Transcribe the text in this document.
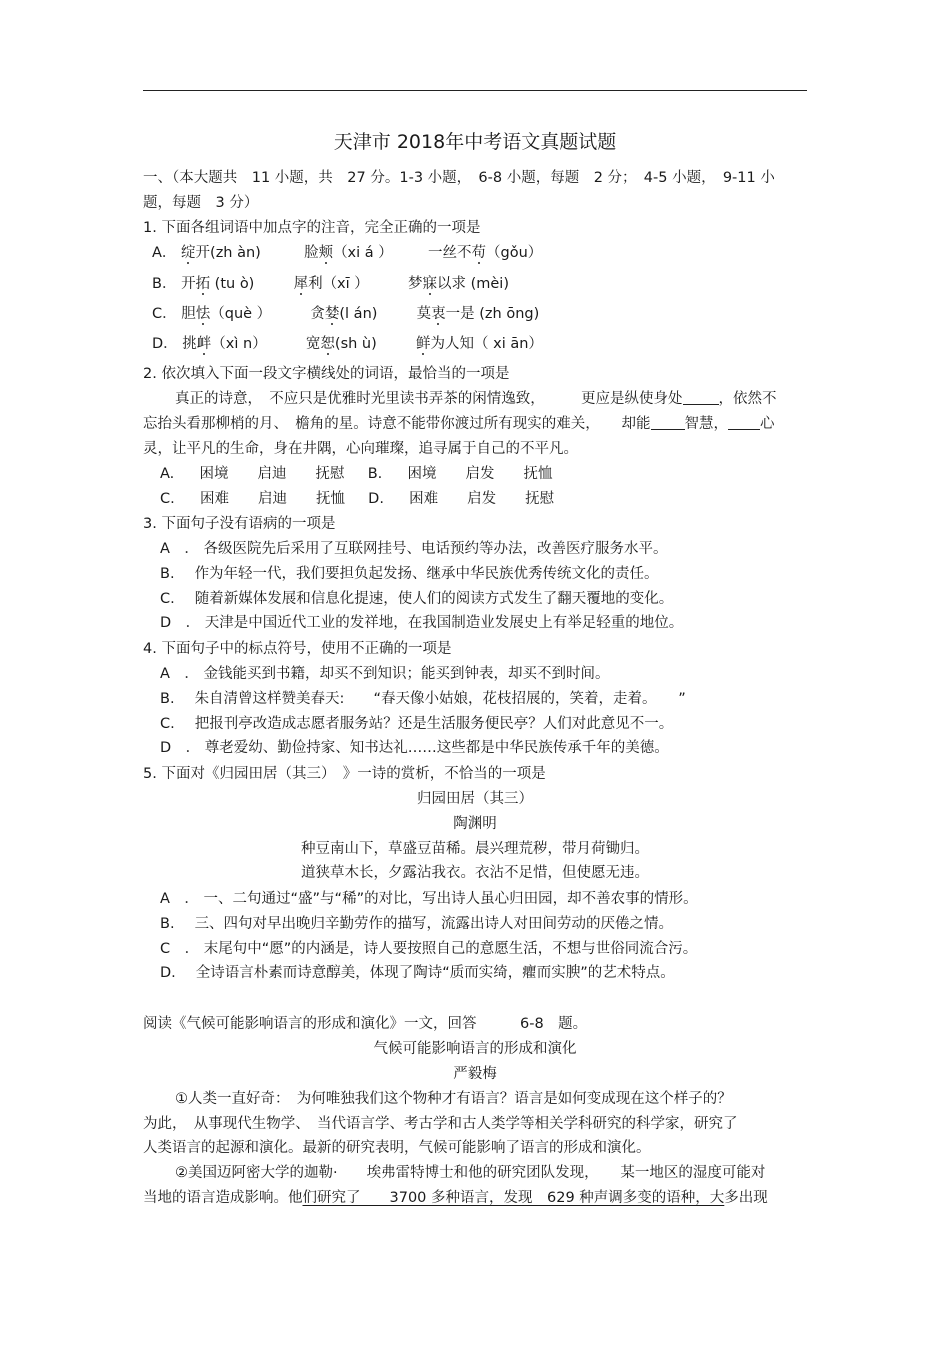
天津市 2018年中考语文真题试题
一、（本大题共　11 小题，共　27 分。1-3 小题，　6-8 小题，每题　2 分；　4-5 小题，　9-11 小
题，每题　3 分）
1. 下面各组词语中加点字的注音，完全正确的一项是
A． 绽开(zh àn)	脸颊（xi á ） 一丝不苟（gǒu）
B． 开拓 (tu ò)	犀利（xī ）	梦寐以求 (mèi)
C． 胆怯（què ）	贪婪(l án)	莫衷一是 (zh ōng)
D． 挑衅（xì n）	宽恕(sh ù)	鲜为人知（ xi ān）
2. 依次填入下面一段文字横线处的词语，最恰当的一项是
真正的诗意，　不应只是优雅时光里读书弄茶的闲情逸致，　　　更应是纵使身处 ，依然不
忘抬头看那柳梢的月、　檐角的星。诗意不能带你渡过所有现实的难关，　　却能 智慧， 心
灵，让平凡的生命，身在井隅，心向璀璨，追寻属于自己的不平凡。
A. 困境　　启迪　　抚慰 B. 困境　　启发　　抚恤
C. 困难　　启迪　　抚恤 D. 困难　　启发　　抚慰
3. 下面句子没有语病的一项是
A　． 各级医院先后采用了互联网挂号、电话预约等办法，改善医疗服务水平。
B. 作为年轻一代，我们要担负起发扬、继承中华民族优秀传统文化的责任。
C. 随着新媒体发展和信息化提速，使人们的阅读方式发生了翻天覆地的变化。
D　． 天津是中国近代工业的发祥地，在我国制造业发展史上有举足轻重的地位。
4. 下面句子中的标点符号，使用不正确的一项是
A　． 金钱能买到书籍，却买不到知识；能买到钟表，却买不到时间。
B. 朱自清曾这样赞美春天:　　“春天像小姑娘，花枝招展的，笑着，走着。　　”
C. 把报刊亭改造成志愿者服务站？还是生活服务便民亭？人们对此意见不一。
D　． 尊老爱幼、勤俭持家、知书达礼……这些都是中华民族传承千年的美德。
5. 下面对《归园田居（其三）　》一诗的赏析，不恰当的一项是
归园田居（其三）
陶渊明
种豆南山下，草盛豆苗稀。晨兴理荒秽，带月荷锄归。
道狭草木长，夕露沾我衣。衣沾不足惜，但使愿无违。
A　． 一、二句通过“盛”与“稀”的对比，写出诗人虽心归田园，却不善农事的情形。
B. 三、四句对早出晚归辛勤劳作的描写，流露出诗人对田间劳动的厌倦之情。
C　． 末尾句中“愿”的内涵是，诗人要按照自己的意愿生活，不想与世俗同流合污。
D. 全诗语言朴素而诗意醇美，体现了陶诗“质而实绮，癯而实腴”的艺术特点。
阅读《气候可能影响语言的形成和演化》一文，回答　　　6-8　题。
气候可能影响语言的形成和演化
严毅梅
①人类一直好奇：　为何唯独我们这个物种才有语言？语言是如何变成现在这个样子的？
为此，　从事现代生物学、　当代语言学、考古学和古人类学等相关学科研究的科学家，研究了
人类语言的起源和演化。最新的研究表明，气候可能影响了语言的形成和演化。
②美国迈阿密大学的迦勒·　　埃弗雷特博士和他的研究团队发现，　　某一地区的湿度可能对
当地的语言造成影响。他们研究了　　3700 多种语言，发现　629 种声调多变的语种，大多出现
